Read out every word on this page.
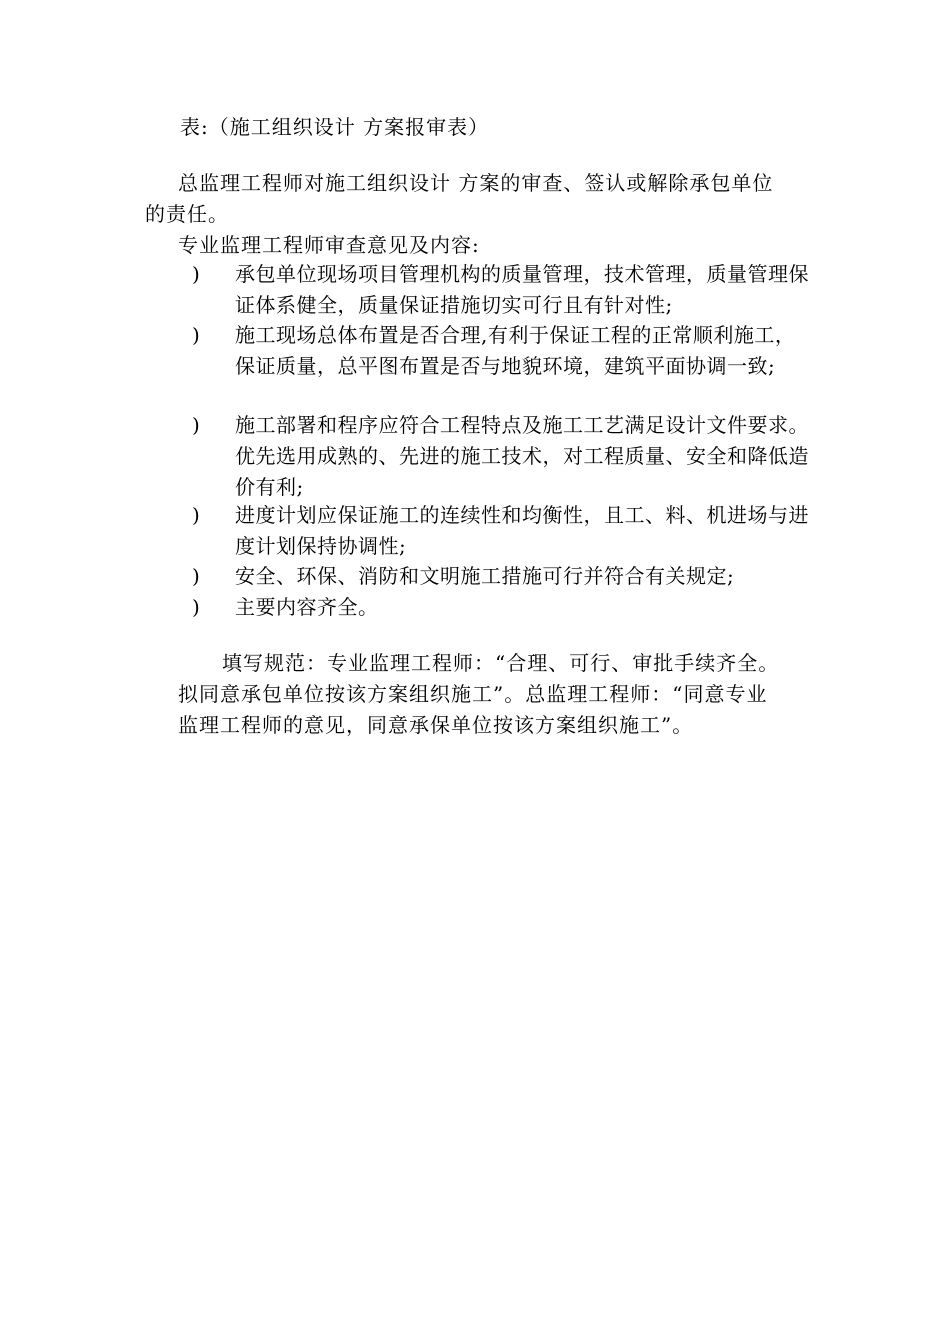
表:（施工组织设计 方案报审表）
总监理工程师对施工组织设计 方案的审查、签认或解除承包单位
的责任。
专业监理工程师审查意见及内容:
) 承包单位现场项目管理机构的质量管理，技术管理，质量管理保证体系健全，质量保证措施切实可行且有针对性;
) 施工现场总体布置是否合理,有利于保证工程的正常顺利施工，保证质量，总平图布置是否与地貌环境，建筑平面协调一致;
) 施工部署和程序应符合工程特点及施工工艺满足设计文件要求。优先选用成熟的、先进的施工技术，对工程质量、安全和降低造价有利;
) 进度计划应保证施工的连续性和均衡性，且工、料、机进场与进度计划保持协调性;
) 安全、环保、消防和文明施工措施可行并符合有关规定;
) 主要内容齐全。
填写规范：专业监理工程师：“合理、可行、审批手续齐全。
拟同意承包单位按该方案组织施工”。总监理工程师：“同意专业
监理工程师的意见，同意承保单位按该方案组织施工”。
